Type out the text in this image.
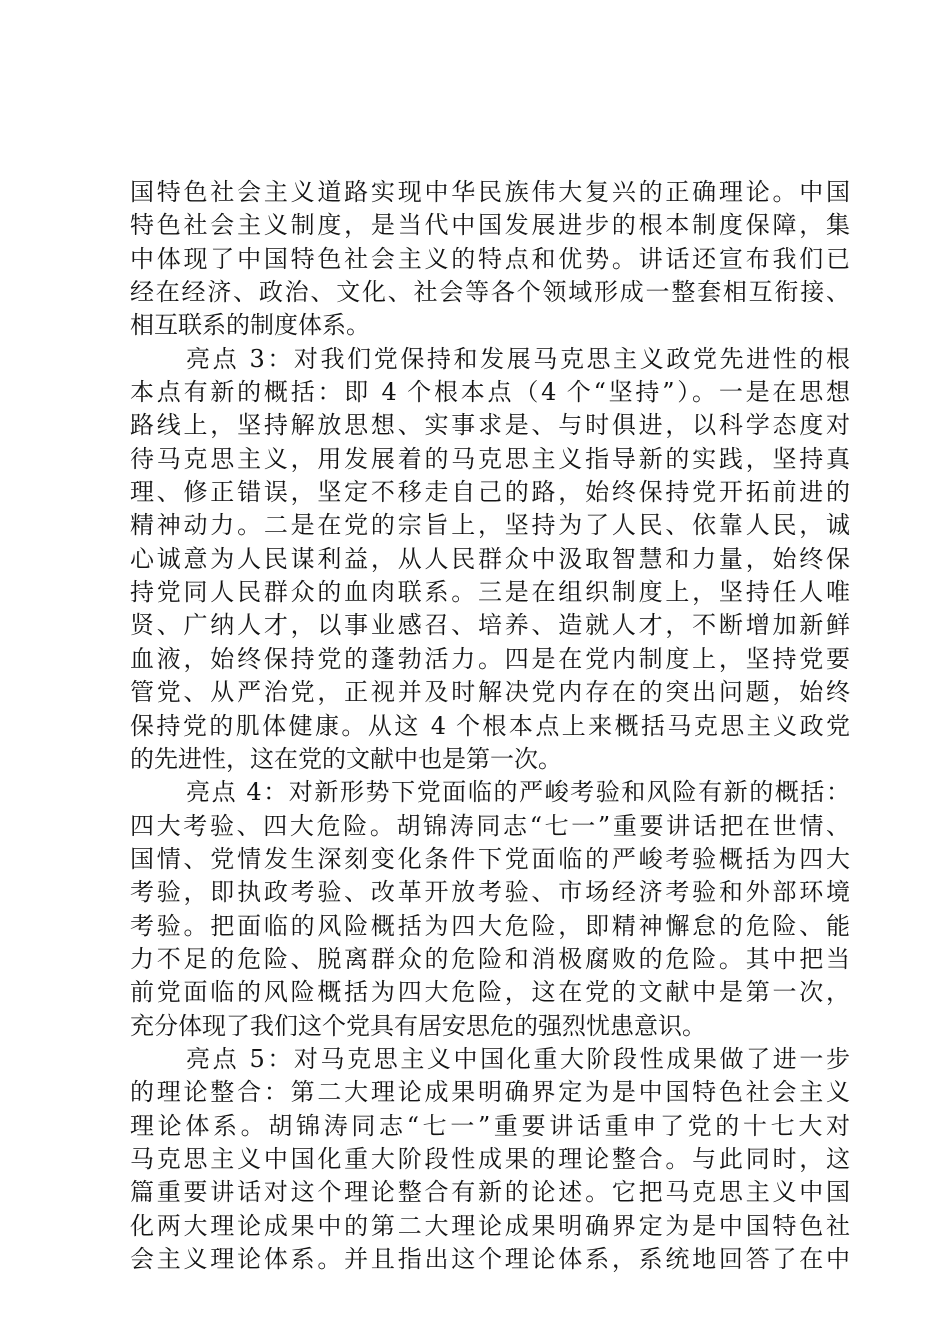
国特色社会主义道路实现中华民族伟大复兴的正确理论。中国
特色社会主义制度，是当代中国发展进步的根本制度保障，集
中体现了中国特色社会主义的特点和优势。讲话还宣布我们已
经在经济、政治、文化、社会等各个领域形成一整套相互衔接、
相互联系的制度体系。
亮点 3：对我们党保持和发展马克思主义政党先进性的根
本点有新的概括：即 4 个根本点（4 个“坚持”）。一是在思想
路线上，坚持解放思想、实事求是、与时俱进，以科学态度对
待马克思主义，用发展着的马克思主义指导新的实践，坚持真
理、修正错误，坚定不移走自己的路，始终保持党开拓前进的
精神动力。二是在党的宗旨上，坚持为了人民、依靠人民，诚
心诚意为人民谋利益，从人民群众中汲取智慧和力量，始终保
持党同人民群众的血肉联系。三是在组织制度上，坚持任人唯
贤、广纳人才，以事业感召、培养、造就人才，不断增加新鲜
血液，始终保持党的蓬勃活力。四是在党内制度上，坚持党要
管党、从严治党，正视并及时解决党内存在的突出问题，始终
保持党的肌体健康。从这 4 个根本点上来概括马克思主义政党
的先进性，这在党的文献中也是第一次。
亮点 4：对新形势下党面临的严峻考验和风险有新的概括：
四大考验、四大危险。胡锦涛同志“七一”重要讲话把在世情、
国情、党情发生深刻变化条件下党面临的严峻考验概括为四大
考验，即执政考验、改革开放考验、市场经济考验和外部环境
考验。把面临的风险概括为四大危险，即精神懈怠的危险、能
力不足的危险、脱离群众的危险和消极腐败的危险。其中把当
前党面临的风险概括为四大危险，这在党的文献中是第一次，
充分体现了我们这个党具有居安思危的强烈忧患意识。
亮点 5：对马克思主义中国化重大阶段性成果做了进一步
的理论整合：第二大理论成果明确界定为是中国特色社会主义
理论体系。胡锦涛同志“七一”重要讲话重申了党的十七大对
马克思主义中国化重大阶段性成果的理论整合。与此同时，这
篇重要讲话对这个理论整合有新的论述。它把马克思主义中国
化两大理论成果中的第二大理论成果明确界定为是中国特色社
会主义理论体系。并且指出这个理论体系，系统地回答了在中
